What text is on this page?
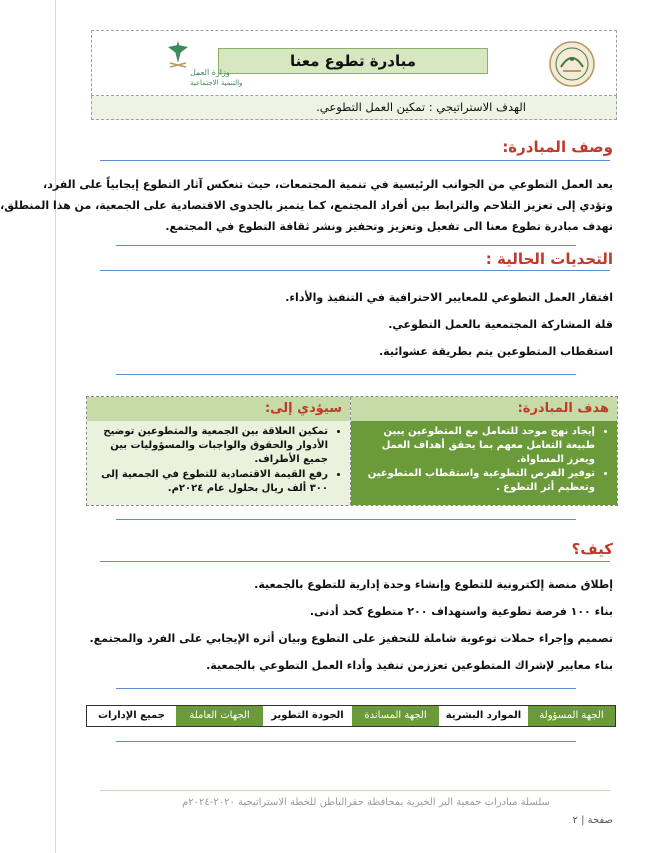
مبادرة تطوع معنا
وزارة العمل
والتنمية الاجتماعية
الهدف الاستراتيجي : تمكين العمل التطوعي.
وصف المبادرة:
يعد العمل التطوعي من الجوانب الرئيسية في تنمية المجتمعات، حيث تنعكس آثار التطوع إيجابياً على الفرد،
وتؤدي إلى تعزيز التلاحم والترابط بين أفراد المجتمع، كما يتميز بالجدوى الاقتصادية على الجمعية، من هذا المنطلق،
تهدف مبادرة تطوع معنا الى تفعيل وتعزيز وتحفيز ونشر ثقافة التطوع في المجتمع.
التحديات الحالية :
افتقار العمل التطوعي للمعايير الاحترافية في التنفيذ والأداء.
قلة المشاركة المجتمعية بالعمل التطوعي.
استقطاب المتطوعين يتم بطريقة عشوائية.
هدف المبادرة:
• إيجاد نهج موحد للتعامل مع المتطوعين يبين طبيعة التعامل معهم بما يحقق أهداف العمل ويعزز المساواة.
• توفير الفرص التطوعية واستقطاب المتطوعين وتعظيم أثر التطوع .
سيؤدي إلى:
• تمكين العلاقة بين الجمعية والمتطوعين توضيح الأدوار والحقوق والواجبات والمسؤوليات بين جميع الأطراف.
• رفع القيمة الاقتصادية للتطوع في الجمعية إلى ٣٠٠ ألف ريال بحلول عام ٢٠٢٤م.
كيف؟
إطلاق منصة إلكترونية للتطوع وإنشاء وحدة إدارية للتطوع بالجمعية.
بناء ١٠٠ فرصة تطوعية واستهداف ٢٠٠ متطوع كحد أدنى.
تصميم وإجراء حملات توعوية شاملة للتحفيز على التطوع وبيان أثره الإيجابي على الفرد والمجتمع.
بناء معايير لإشراك المتطوعين تعززمن تنفيذ وأداء العمل التطوعي بالجمعية.
الجهة المسؤولة
الموارد البشرية
الجهة المساندة
الجودة التطوير
الجهات العاملة
جميع الإدارات
سلسلة مبادرات جمعية البر الخيرية بمحافظة حفرالباطن للخطة الاستراتيجية ٢٠٢٠-٢٠٢٤م
صفحة | ٢
